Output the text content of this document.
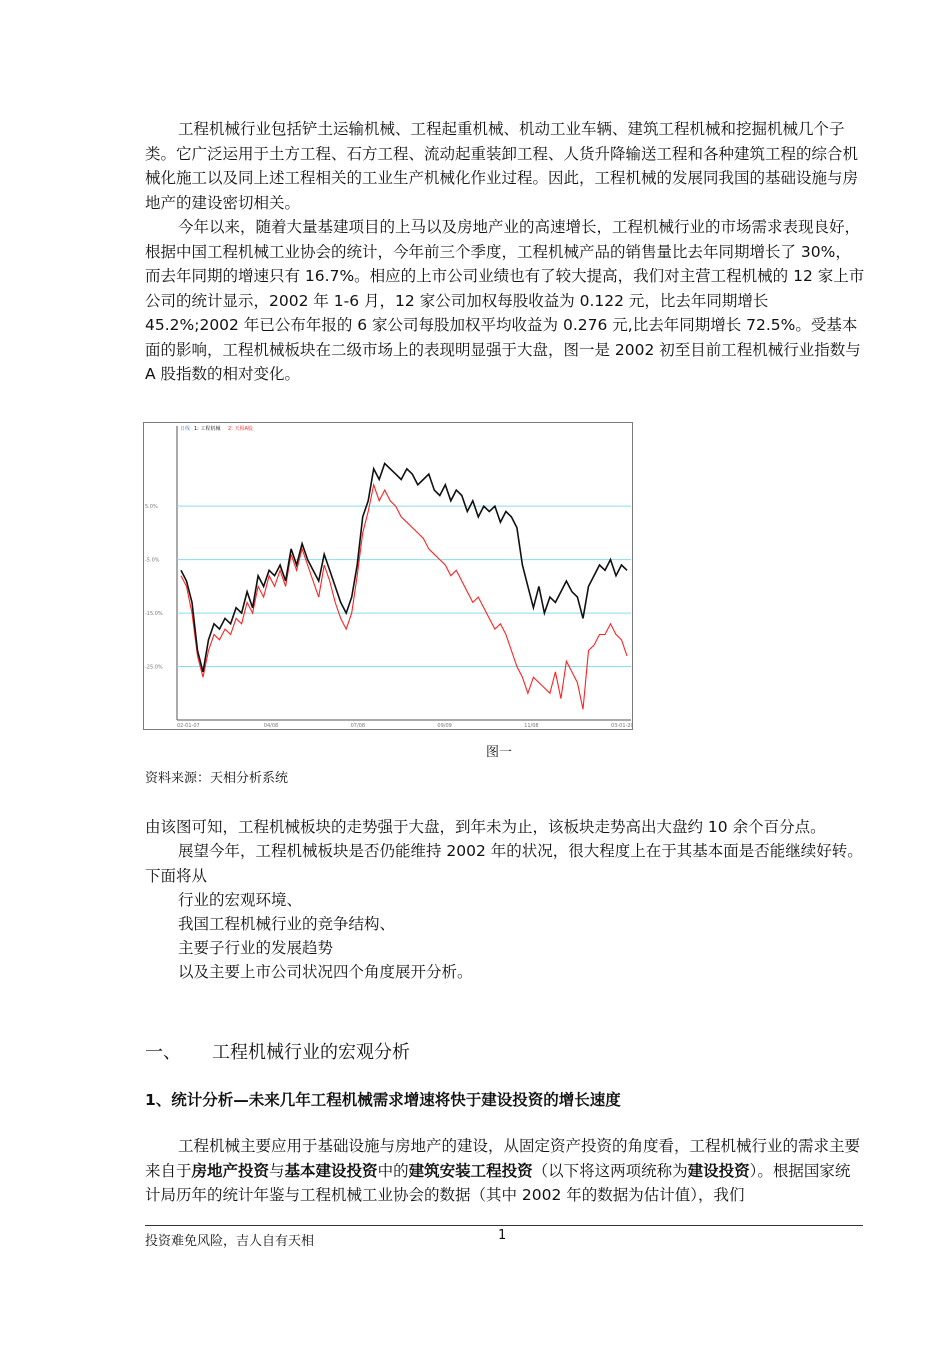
工程机械行业包括铲土运输机械、工程起重机械、机动工业车辆、建筑工程机械和挖掘机械几个子类。它广泛运用于土方工程、石方工程、流动起重装卸工程、人货升降输送工程和各种建筑工程的综合机械化施工以及同上述工程相关的工业生产机械化作业过程。因此，工程机械的发展同我国的基础设施与房地产的建设密切相关。

今年以来，随着大量基建项目的上马以及房地产业的高速增长，工程机械行业的市场需求表现良好，根据中国工程机械工业协会的统计，今年前三个季度，工程机械产品的销售量比去年同期增长了 30%，而去年同期的增速只有 16.7%。相应的上市公司业绩也有了较大提高，我们对主营工程机械的 12 家上市公司的统计显示，2002 年 1-6 月，12 家公司加权每股收益为 0.122 元，比去年同期增长 45.2%;2002 年已公布年报的 6 家公司每股加权平均收益为 0.276 元,比去年同期增长 72.5%。受基本面的影响，工程机械板块在二级市场上的表现明显强于大盘，图一是 2002 初至目前工程机械行业指数与 A 股指数的相对变化。

5.0%
-5.0%
-15.0%
-25.0%
02-01-07	04/08	07/08	09/09	11/08	03-01-20
日线 1: 工程机械 2: 天相A股
图一
资料来源：天相分析系统

由该图可知，工程机械板块的走势强于大盘，到年未为止，该板块走势高出大盘约 10 余个百分点。

展望今年，工程机械板块是否仍能维持 2002 年的状况，很大程度上在于其基本面是否能继续好转。下面将从

行业的宏观环境、
我国工程机械行业的竞争结构、
主要子行业的发展趋势
以及主要上市公司状况四个角度展开分析。
一、 工程机械行业的宏观分析
1、统计分析—未来几年工程机械需求增速将快于建设投资的增长速度

工程机械主要应用于基础设施与房地产的建设，从固定资产投资的角度看，工程机械行业的需求主要来自于房地产投资与基本建设投资中的建筑安装工程投资（以下将这两项统称为建设投资）。根据国家统计局历年的统计年鉴与工程机械工业协会的数据（其中 2002 年的数据为估计值），我们

投资难免风险，吉人自有天相	1
